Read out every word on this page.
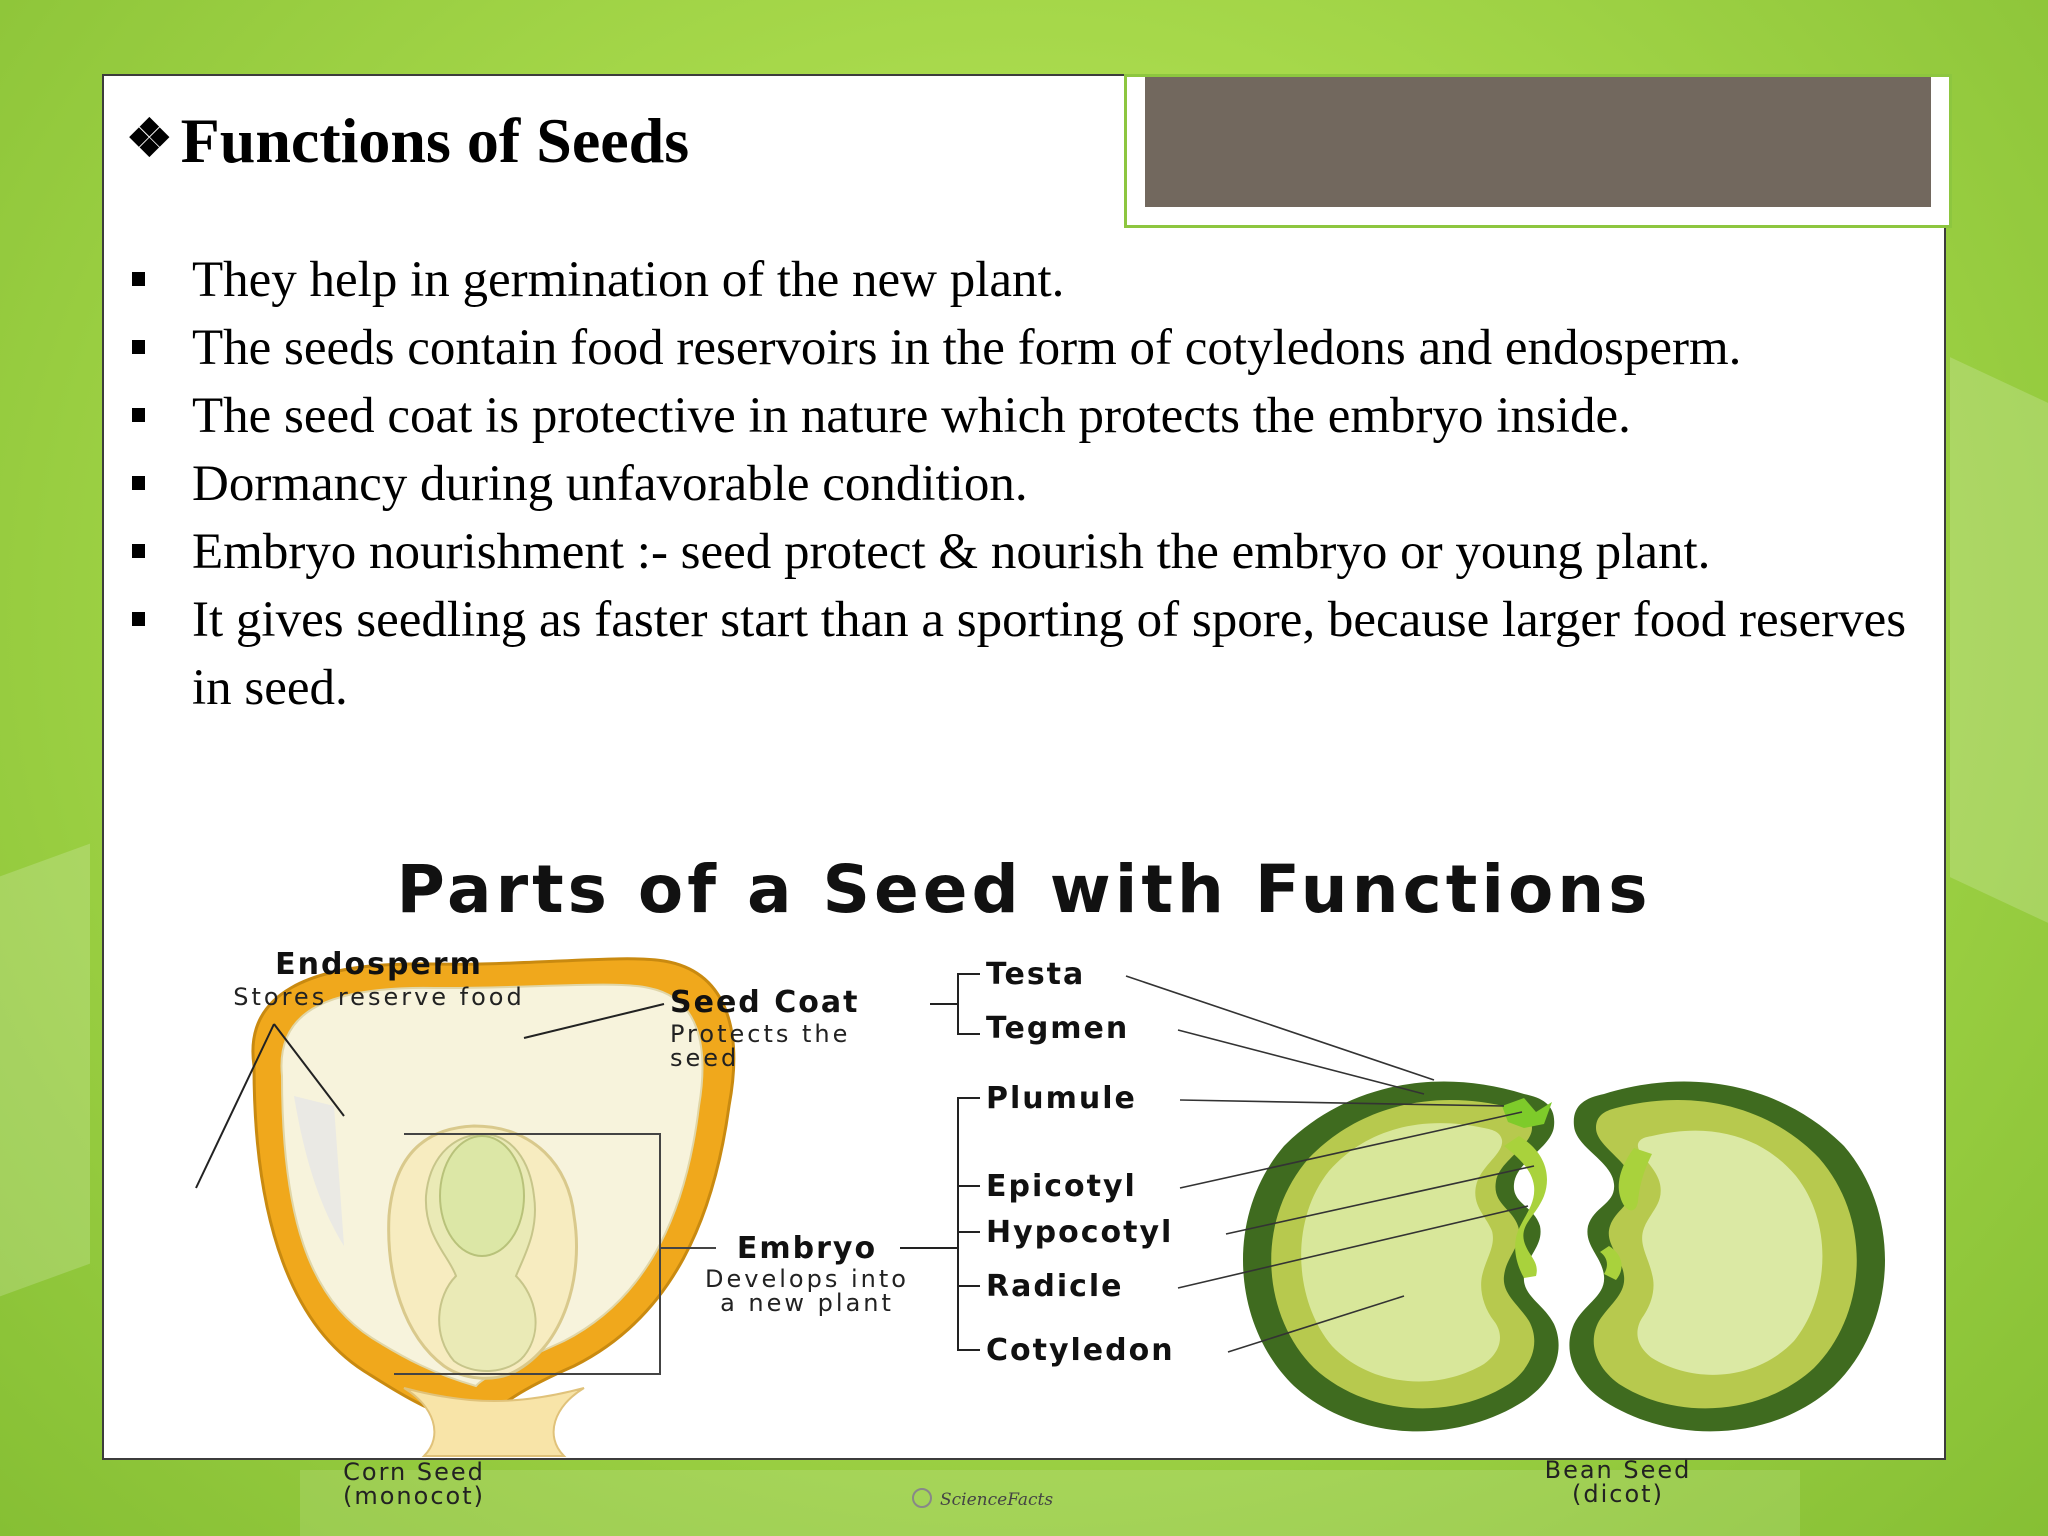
❖ Functions of Seeds
They help in germination of the new plant.
The seeds contain food reservoirs in the form of cotyledons and endosperm.
The seed coat is protective in nature which protects the embryo inside.
Dormancy during unfavorable condition.
Embryo nourishment :- seed protect & nourish the embryo or young plant.
It gives seedling as faster start than a sporting of spore, because larger food reserves in seed.
Parts of a Seed with Functions
Endosperm
Stores reserve food	Seed Coat
Protects the
seed
Embryo
Develops into
a new plant
Testa
Tegmen
Plumule
Epicotyl
Hypocotyl
Radicle
Cotyledon
Corn Seed
(monocot)
Bean Seed
(dicot)
ScienceFacts
